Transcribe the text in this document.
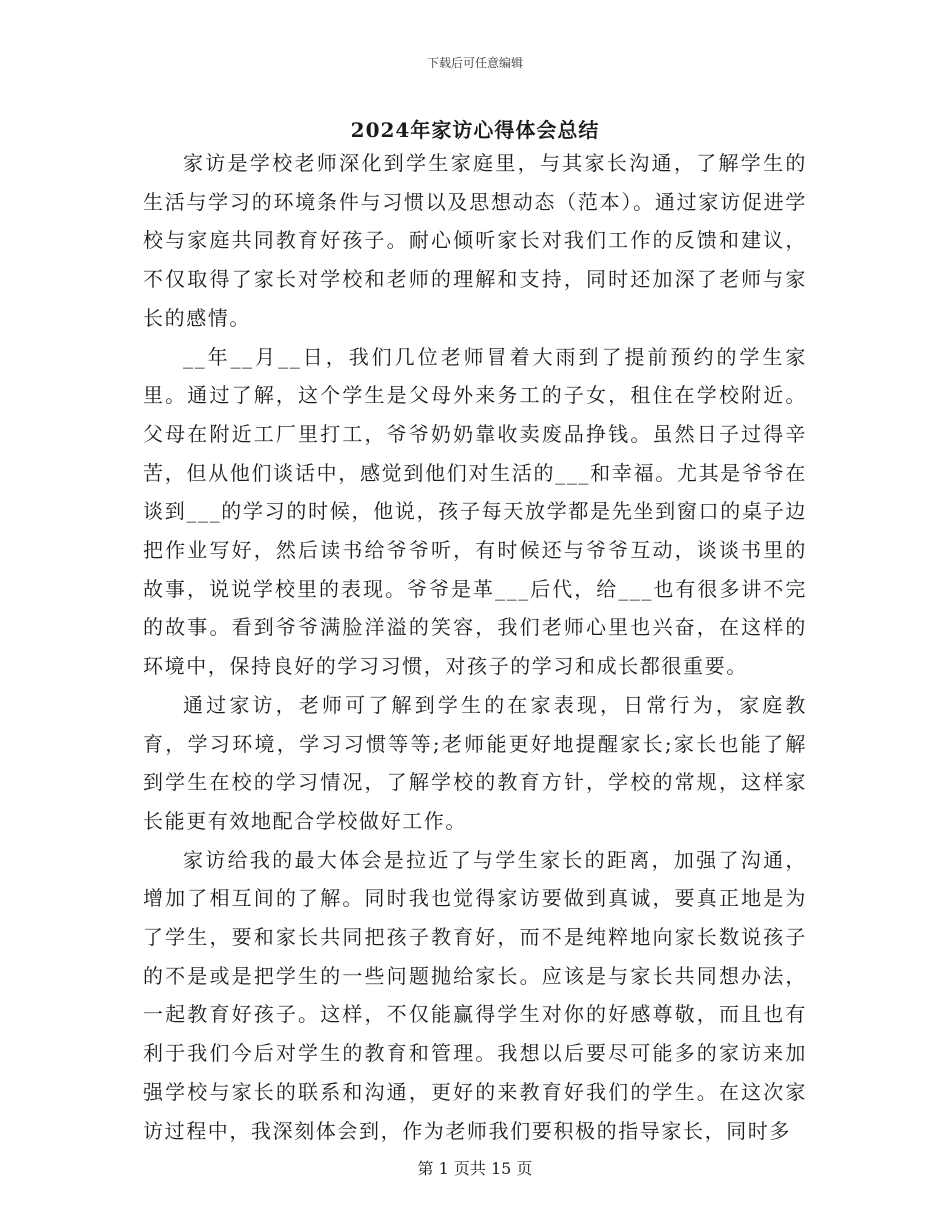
下载后可任意编辑
2024年家访心得体会总结

家访是学校老师深化到学生家庭里，与其家长沟通，了解学生的生活与学习的环境条件与习惯以及思想动态（范本）。通过家访促进学校与家庭共同教育好孩子。耐心倾听家长对我们工作的反馈和建议，不仅取得了家长对学校和老师的理解和支持，同时还加深了老师与家长的感情。

__年__月__日，我们几位老师冒着大雨到了提前预约的学生家里。通过了解，这个学生是父母外来务工的子女，租住在学校附近。父母在附近工厂里打工，爷爷奶奶靠收卖废品挣钱。虽然日子过得辛苦，但从他们谈话中，感觉到他们对生活的___和幸福。尤其是爷爷在谈到___的学习的时候，他说，孩子每天放学都是先坐到窗口的桌子边把作业写好，然后读书给爷爷听，有时候还与爷爷互动，谈谈书里的故事，说说学校里的表现。爷爷是革___后代，给___也有很多讲不完的故事。看到爷爷满脸洋溢的笑容，我们老师心里也兴奋，在这样的环境中，保持良好的学习习惯，对孩子的学习和成长都很重要。

通过家访，老师可了解到学生的在家表现，日常行为，家庭教育，学习环境，学习习惯等等;老师能更好地提醒家长;家长也能了解到学生在校的学习情况，了解学校的教育方针，学校的常规，这样家长能更有效地配合学校做好工作。

家访给我的最大体会是拉近了与学生家长的距离，加强了沟通，增加了相互间的了解。同时我也觉得家访要做到真诚，要真正地是为了学生，要和家长共同把孩子教育好，而不是纯粹地向家长数说孩子的不是或是把学生的一些问题抛给家长。应该是与家长共同想办法，一起教育好孩子。这样，不仅能赢得学生对你的好感尊敬，而且也有利于我们今后对学生的教育和管理。我想以后要尽可能多的家访来加强学校与家长的联系和沟通，更好的来教育好我们的学生。在这次家访过程中，我深刻体会到，作为老师我们要积极的指导家长，同时多

第 1 页共 15 页
